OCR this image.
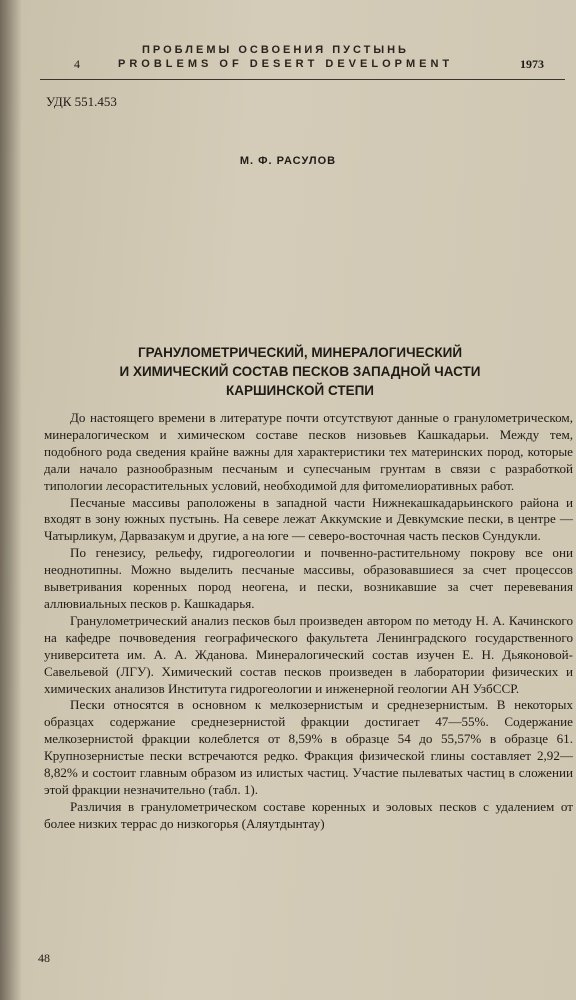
4
ПРОБЛЕМЫ ОСВОЕНИЯ ПУСТЫНЬ
PROBLEMS OF DESERT DEVELOPMENT	1973
УДК 551.453
М. Ф. РАСУЛОВ
ГРАНУЛОМЕТРИЧЕСКИЙ, МИНЕРАЛОГИЧЕСКИЙ
И ХИМИЧЕСКИЙ СОСТАВ ПЕСКОВ ЗАПАДНОЙ ЧАСТИ
КАРШИНСКОЙ СТЕПИ

До настоящего времени в литературе почти отсутствуют данные о гранулометрическом, минералогическом и химическом составе песков низовьев Кашкадарьи. Между тем, подобного рода сведения крайне важны для характеристики тех материнских пород, которые дали начало разнообразным песчаным и супесчаным грунтам в связи с разработкой типологии лесорастительных условий, необходимой для фитомелиоративных работ.

Песчаные массивы раположены в западной части Нижнекашкадарьинского района и входят в зону южных пустынь. На севере лежат Аккумские и Девкумские пески, в центре — Чатырликум, Дарвазакум и другие, а на юге — северо-восточная часть песков Сундукли.

По генезису, рельефу, гидрогеологии и почвенно-растительному покрову все они неоднотипны. Можно выделить песчаные массивы, образовавшиеся за счет процессов выветривания коренных пород неогена, и пески, возникавшие за счет перевевания аллювиальных песков р. Кашкадарья.

Гранулометрический анализ песков был произведен автором по методу Н. А. Качинского на кафедре почвоведения географического факультета Ленинградского государственного университета им. А. А. Жданова. Минералогический состав изучен Е. Н. Дьяконовой-Савельевой (ЛГУ). Химический состав песков произведен в лаборатории физических и химических анализов Института гидрогеологии и инженерной геологии АН УзбССР.

Пески относятся в основном к мелкозернистым и среднезернистым. В некоторых образцах содержание среднезернистой фракции достигает 47—55%. Содержание мелкозернистой фракции колеблется от 8,59% в образце 54 до 55,57% в образце 61. Крупнозернистые пески встречаются редко. Фракция физической глины составляет 2,92—8,82% и состоит главным образом из илистых частиц. Участие пылеватых частиц в сложении этой фракции незначительно (табл. 1).

Различия в гранулометрическом составе коренных и эоловых песков с удалением от более низких террас до низкогорья (Аляутдынтау)

48
